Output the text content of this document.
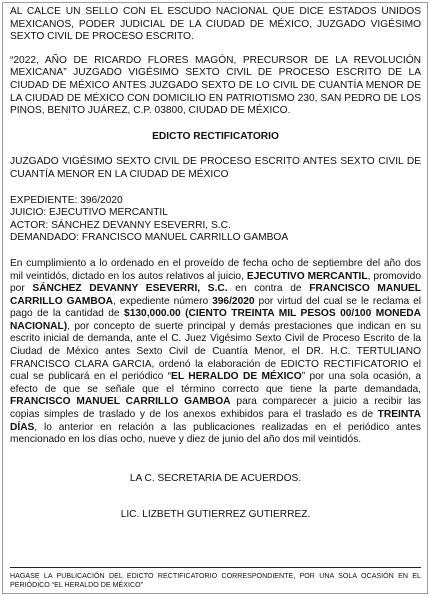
AL CALCE UN SELLO CON EL ESCUDO NACIONAL QUE DICE ESTADOS UNIDOS MEXICANOS, PODER JUDICIAL DE LA CIUDAD DE MÉXICO, JUZGADO VIGÉSIMO SEXTO CIVIL DE PROCESO ESCRITO.

“2022, AÑO DE RICARDO FLORES MAGÓN, PRECURSOR DE LA REVOLUCIÓN MEXICANA” JUZGADO VIGÉSIMO SEXTO CIVIL DE PROCESO ESCRITO DE LA CIUDAD DE MÉXICO ANTES JUZGADO SEXTO DE LO CIVIL DE CUANTÍA MENOR DE LA CIUDAD DE MÉXICO CON DOMICILIO EN PATRIOTISMO 230, SAN PEDRO DE LOS PINOS, BENITO JUÁREZ, C.P. 03800, CIUDAD DE MÉXICO.

EDICTO RECTIFICATORIO

JUZGADO VIGÉSIMO SEXTO CIVIL DE PROCESO ESCRITO ANTES SEXTO CIVIL DE CUANTÍA MENOR EN LA CIUDAD DE MÉXICO

EXPEDIENTE: 396/2020

JUICIO: EJECUTIVO MERCANTIL

ACTOR: SÁNCHEZ DEVANNY ESEVERRI, S.C.

DEMANDADO: FRANCISCO MANUEL CARRILLO GAMBOA

En cumplimiento a lo ordenado en el proveído de fecha ocho de septiembre del año dos mil veintidós, dictado en los autos relativos al juicio, EJECUTIVO MERCANTIL, promovido por SÁNCHEZ DEVANNY ESEVERRI, S.C. en contra de FRANCISCO MANUEL CARRILLO GAMBOA, expediente número 396/2020 por virtud del cual se le reclama el pago de la cantidad de $130,000.00 (CIENTO TREINTA MIL PESOS 00/100 MONEDA NACIONAL), por concepto de suerte principal y demás prestaciones que indican en su escrito inicial de demanda, ante el C. Juez Vigésimo Sexto Civil de Proceso Escrito de la Ciudad de México antes Sexto Civil de Cuantía Menor, el DR. H.C. TERTULIANO FRANCISCO CLARA GARCIA, ordenó la elaboración de EDICTO RECTIFICATORIO el cual se publicará en el periódico “EL HERALDO DE MÉXICO” por una sola ocasión, a efecto de que se señale que el término correcto que tiene la parte demandada, FRANCISCO MANUEL CARRILLO GAMBOA para comparecer a juicio a recibir las copias simples de traslado y de los anexos exhibidos para el traslado es de TREINTA DÍAS, lo anterior en relación a las publicaciones realizadas en el periódico antes mencionado en los días ocho, nueve y diez de junio del año dos mil veintidós.

LA C. SECRETARIA DE ACUERDOS.

LIC. LIZBETH GUTIERREZ GUTIERREZ.

HAGASE LA PUBLICACIÓN DEL EDICTO RECTIFICATORIO CORRESPONDIENTE, POR UNA SOLA OCASIÓN EN EL PERIÓDICO “EL HERALDO DE MÉXICO”
